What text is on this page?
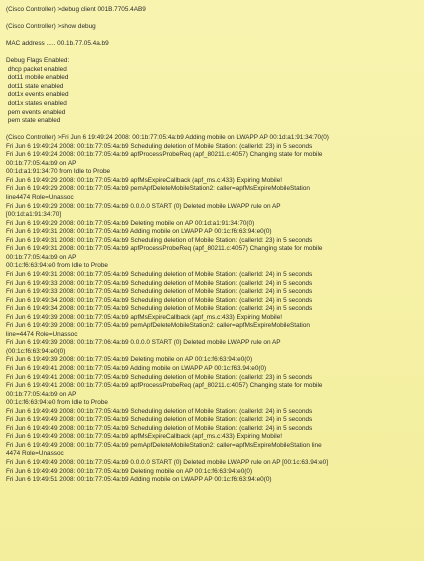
(Cisco Controller) >debug client 001B.7705.4AB9
(Cisco Controller) >show debug
MAC address ..... 00.1b.77.05.4a.b9
Debug Flags Enabled:
dhcp packet enabled
dot11 mobile enabled
dot11 state enabled
dot1x events enabled
dot1x states enabled
pem events enabled
pem state enabled
(Cisco Controller) >Fri Jun 6 19:49:24 2008: 00:1b:77:05:4a:b9 Adding mobile on LWAPP AP 00:1d:a1:91:34:70(0)
Fri Jun 6 19:49:24 2008: 00:1b:77:05:4a:b9 Scheduling deletion of Mobile Station: (callerId: 23) in 5 seconds
Fri Jun 6 19:49:24 2008: 00:1b:77:05:4a:b9 apfProcessProbeReq (apf_80211.c:4057) Changing state for mobile
00:1b:77:05:4a:b9 on AP
00:1d:a1:91:34:70 from Idle to Probe
Fri Jun 6 19:49:29 2008: 00:1b:77:05:4a:b9 apfMsExpireCallback (apf_ms.c:433) Expiring Mobile!
Fri Jun 6 19:49:29 2008: 00:1b:77:05:4a:b9 pemApfDeleteMobileStation2: caller=apfMsExpireMobileStation
line4474 Role=Unassoc
Fri Jun 6 19:49:29 2008: 00:1b:77:05:4a:b9 0.0.0.0 START (0) Deleted mobile LWAPP rule on AP
[00:1d:a1:91:34:70]
Fri Jun 6 19:49:29 2008: 00:1b:77:05:4a:b9 Deleting mobile on AP 00:1d:a1:91:34:70(0)
Fri Jun 6 19:49:31 2008: 00:1b:77:05:4a:b9 Adding mobile on LWAPP AP 00:1c:f6:63:94:e0(0)
Fri Jun 6 19:49:31 2008: 00:1b:77:05:4a:b9 Scheduling deletion of Mobile Station: (callerId: 23) in 5 seconds
Fri Jun 6 19:49:31 2008: 00:1b:77:05:4a:b9 apfProcessProbeReq (apf_80211.c:4057) Changing state for mobile
00:1b:77:05:4a:b9 on AP
00:1c:f6:63:94:e0 from Idle to Probe
Fri Jun 6 19:49:31 2008: 00:1b:77:05:4a:b9 Scheduling deletion of Mobile Station: (callerId: 24) in 5 seconds
Fri Jun 6 19:49:33 2008: 00:1b:77:05:4a:b9 Scheduling deletion of Mobile Station: (callerId: 24) in 5 seconds
Fri Jun 6 19:49:33 2008: 00:1b:77:05:4a:b9 Scheduling deletion of Mobile Station: (callerId: 24) in 5 seconds
Fri Jun 6 19:49:34 2008: 00:1b:77:05:4a:b9 Scheduling deletion of Mobile Station: (callerId: 24) in 5 seconds
Fri Jun 6 19:49:34 2008: 00:1b:77:05:4a:b9 Scheduling deletion of Mobile Station: (callerId: 24) in 5 seconds
Fri Jun 6 19:49:39 2008: 00:1b:77:05:4a:b9 apfMsExpireCallback (apf_ms.c:433) Expiring Mobile!
Fri Jun 6 19:49:39 2008: 00:1b:77:05:4a:b9 pemApfDeleteMobileStation2: caller=apfMsExpireMobileStation
line=4474 Role=Unassoc
Fri Jun 6 19:49:39 2008: 00:1b:77:06:4a:b9 0.0.0.0 START (0) Deleted mobile LWAPP rule on AP
(00:1c:f6:63:94:e0(0)
Fri Jun 6 19:49:39 2008: 00:1b:77:05:4a:b9 Deleting mobile on AP 00:1c:f6:63:94:e0(0)
Fri Jun 6 19:49:41 2008: 00:1b:77:05:4a:b9 Adding mobile on LWAPP AP 00:1c:f63.94:e0(0)
Fri Jun 6 19:49:41 2008: 00:1b:77:05:4a:b9 Scheduling deletion of Mobile Station: (callerId: 23) in 5 seconds
Fri Jun 6 19:49:41 2008: 00:1b:77:05:4a:b9 apfProcessProbeReq (apf_80211.c:4057) Changing state for mobile
00:1b:77:05:4a:b9 on AP
00:1c:f6:63:94:e0 from Idle to Probe
Fri Jun 6 19:49:49 2008: 00:1b:77:05:4a:b9 Scheduling deletion of Mobile Station: (callerId: 24) in 5 seconds
Fri Jun 6 19:49:49 2008: 00:1b:77:05:4a:b9 Scheduling deletion of Mobile Station: (callerId: 24) in 5 seconds
Fri Jun 6 19:49:49 2008: 00:1b:77:05:4a:b9 Scheduling deletion of Mobile Station: (callerId: 24) in 5 seconds
Fri Jun 6 19:49:49 2008: 00:1b:77:05:4a:b9 apfMsExpireCallback (apf_ms.c:433) Expiring Mobile!
Fri Jun 6 19:49:49 2008: 00:1b:77:05:4a:b9 pemApfDeleteMobileStation2: caller=apfMsExpireMobileStation line
4474 Role=Unassoc
Fri Jun 6 19:49:49 2008: 00:1b:77:05:4a:b9 0.0.0.0 START (0) Deleted mobile LWAPP rule on AP [00:1c:63.94:e0]
Fri Jun 6 19:49:49 2008: 00:1b:77:05:4a:b9 Deleting mobile on AP 00:1c:f6:63:94:e0(0)
Fri Jun 6 19:49:51 2008: 00:1b:77:05:4a:b9 Adding mobile on LWAPP AP 00:1c:f6:63:94:e0(0)
